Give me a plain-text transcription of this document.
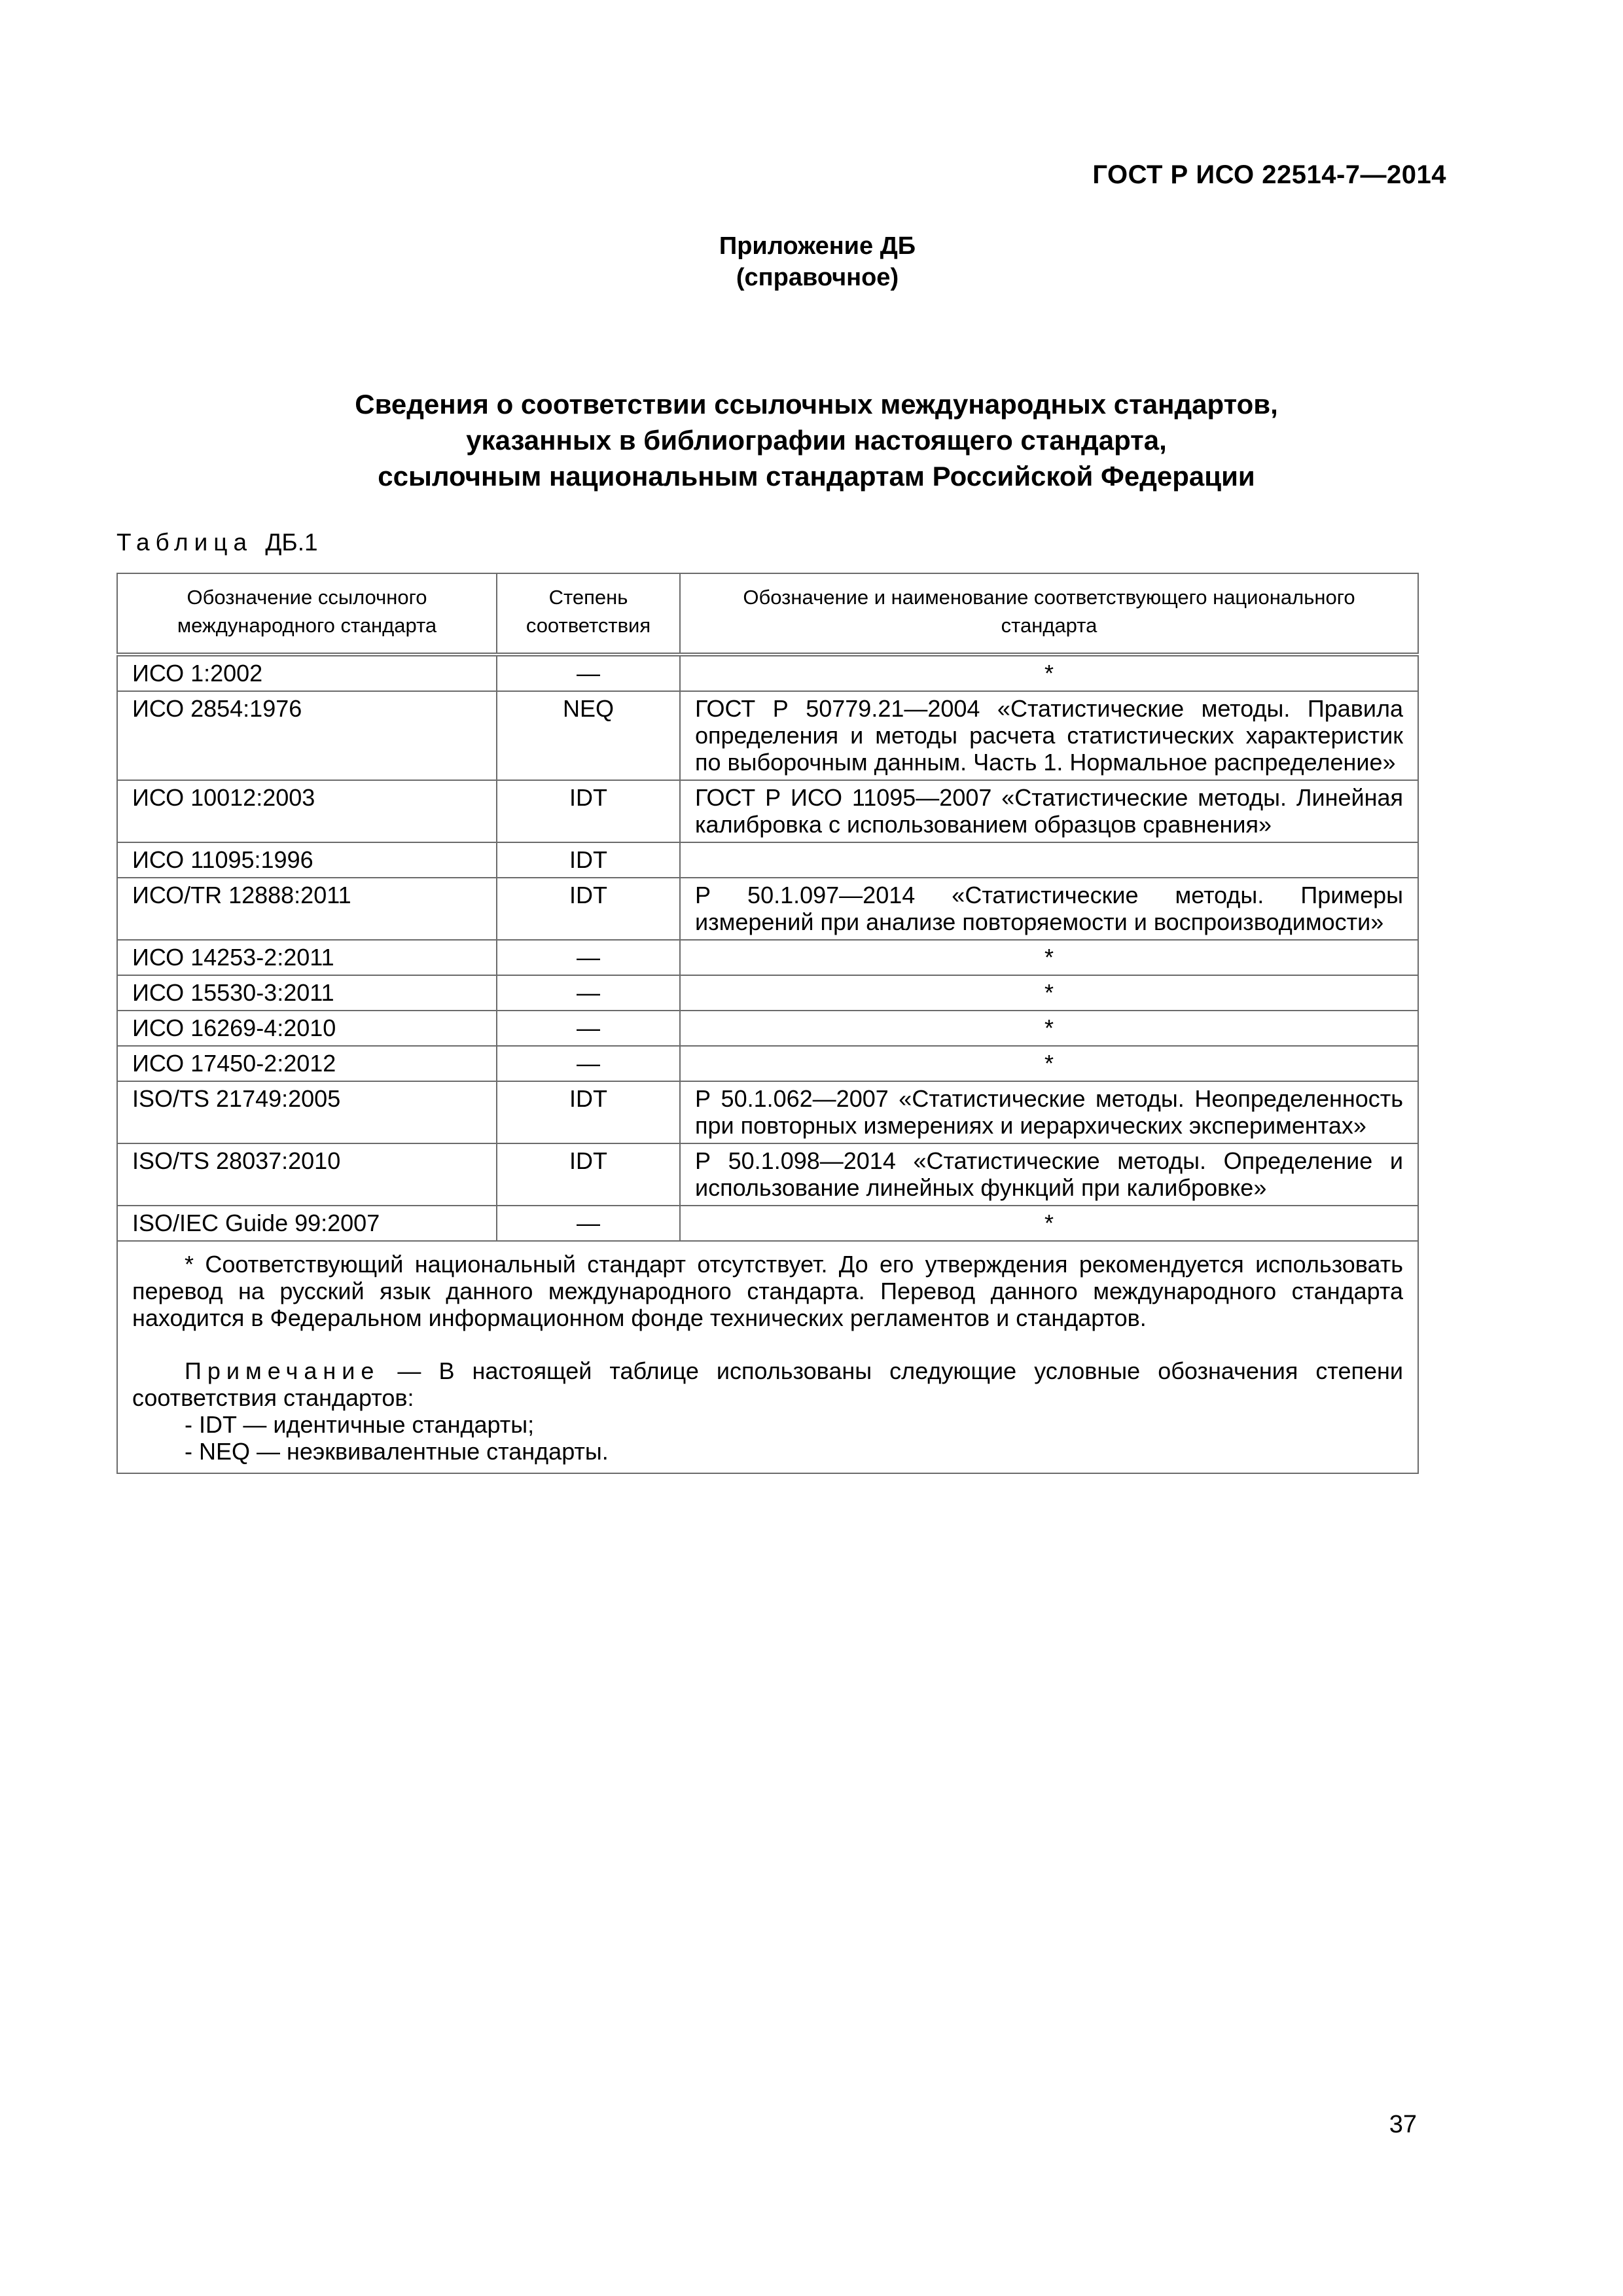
ГОСТ Р ИСО 22514-7—2014
Приложение ДБ
(справочное)
Сведения о соответствии ссылочных международных стандартов,
указанных в библиографии настоящего стандарта,
ссылочным национальным стандартам Российской Федерации
Таблица ДБ.1
Обозначение ссылочного международного стандарта	Степень соответствия	Обозначение и наименование соответствующего национального стандарта
ИСО 1:2002	—	*
ИСО 2854:1976	NEQ	ГОСТ Р 50779.21—2004 «Статистические методы. Правила определения и методы расчета статистических характеристик по выборочным данным. Часть 1. Нормальное распределение»
ИСО 10012:2003	IDT	ГОСТ Р ИСО 11095—2007 «Статистические методы. Линейная калибровка с использованием образцов сравнения»
ИСО 11095:1996	IDT	
ИСО/TR 12888:2011	IDT	Р 50.1.097—2014 «Статистические методы. Примеры измерений при анализе повторяемости и воспроизводимости»
ИСО 14253-2:2011	—	*
ИСО 15530-3:2011	—	*
ИСО 16269-4:2010	—	*
ИСО 17450-2:2012	—	*
ISO/TS 21749:2005	IDT	Р 50.1.062—2007 «Статистические методы. Неопределенность при повторных измерениях и иерархических экспериментах»
ISO/TS 28037:2010	IDT	Р 50.1.098—2014 «Статистические методы. Определение и использование линейных функций при калибровке»
ISO/IEC Guide 99:2007	—	*

* Соответствующий национальный стандарт отсутствует. До его утверждения рекомендуется использовать перевод на русский язык данного международного стандарта. Перевод данного международного стандарта находится в Федеральном информационном фонде технических регламентов и стандартов.
Примечание — В настоящей таблице использованы следующие условные обозначения степени соответствия стандартов:
- IDT — идентичные стандарты;
- NEQ — неэквивалентные стандарты.		
37
